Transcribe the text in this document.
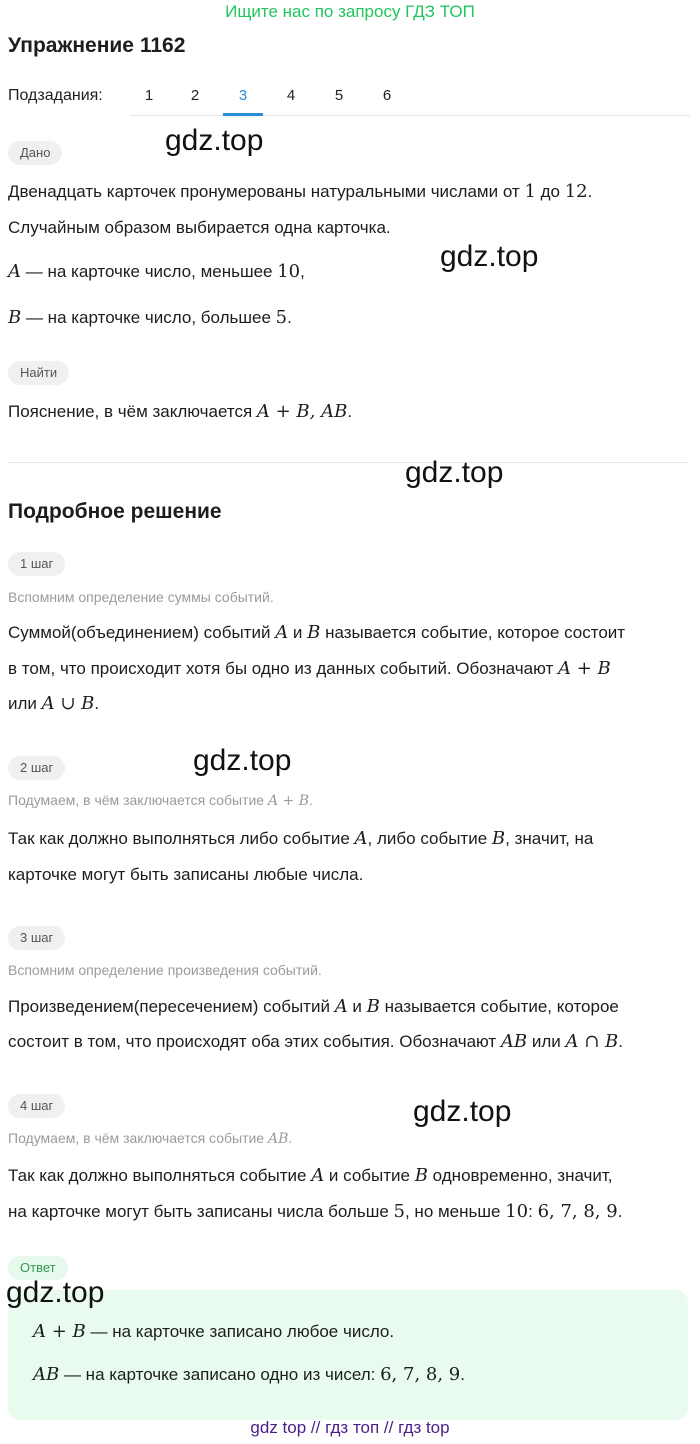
Ищите нас по запросу ГДЗ ТОП
Упражнение 1162
Подзадания:	1	2	3	4	5	6
Дано	gdz.top
Двенадцать карточек пронумерованы натуральными числами от 1 до 12.
Случайным образом выбирается одна карточка.
A — на карточке число, меньшее 10,	gdz.top
B — на карточке число, большее 5.
Найти
Пояснение, в чём заключается A + B, AB.
gdz.top
Подробное решение
1 шаг
Вспомним определение суммы событий.
Суммой(объединением) событий A и B называется событие, которое состоит
в том, что происходит хотя бы одно из данных событий. Обозначают A + B
или A ∪ B.
gdz.top
2 шаг
Подумаем, в чём заключается событие A + B.
Так как должно выполняться либо событие A, либо событие B, значит, на
карточке могут быть записаны любые числа.
3 шаг
Вспомним определение произведения событий.
Произведением(пересечением) событий A и B называется событие, которое
состоит в том, что происходят оба этих события. Обозначают AB или A ∩ B.
4 шаг	gdz.top
Подумаем, в чём заключается событие AB.
Так как должно выполняться событие A и событие B одновременно, значит,
на карточке могут быть записаны числа больше 5, но меньше 10: 6, 7, 8, 9.
Ответ
gdz.top
A + B — на карточке записано любое число.
AB — на карточке записано одно из чисел: 6, 7, 8, 9.
gdz top // гдз топ // гдз top
